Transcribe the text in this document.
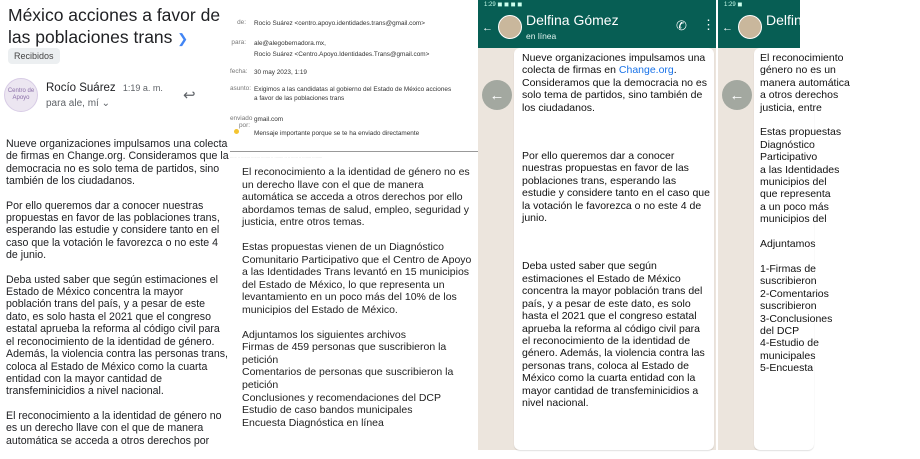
México acciones a favor de las poblaciones trans ❯
Recibidos
Centro de Apoyo
Rocío Suárez 1:19 a. m.
para ale, mí ⌄	↩

Nueve organizaciones impulsamos una colecta de firmas en Change.org. Consideramos que la democracia no es solo tema de partidos, sino también de los ciudadanos.

Por ello queremos dar a conocer nuestras propuestas en favor de las poblaciones trans, esperando las estudie y considere tanto en el caso que la votación le favorezca o no este 4 de junio.

Deba usted saber que según estimaciones el Estado de México concentra la mayor población trans del país, y a pesar de este dato, es solo hasta el 2021 que el congreso estatal aprueba la reforma al código civil para el reconocimiento de la identidad de género. Además, la violencia contra las personas trans, coloca al Estado de México como la cuarta entidad con la mayor cantidad de transfeminicidios a nivel nacional.

El reconocimiento a la identidad de género no es un derecho llave con el que de manera automática se acceda a otros derechos por

de: Rocío Suárez <centro.apoyo.identidades.trans@gmail.com>
para: ale@alegobernadora.mx,
Rocío Suárez <Centro.Apoyo.Identidades.Trans@gmail.com>
fecha: 30 may 2023, 1:19
asunto: Exigimos a las candidatas al gobierno del Estado de México acciones a favor de las poblaciones trans
enviado por:
gmail.com
Mensaje importante porque se te ha enviado directamente
...... .. ........ ........ ........ .. ........ .. .. ...... .. ........ .........

El reconocimiento a la identidad de género no es un derecho llave con el que de manera automática se acceda a otros derechos por ello abordamos temas de salud, empleo, seguridad y justicia, entre otros temas.

Estas propuestas vienen de un Diagnóstico Comunitario Participativo que el Centro de Apoyo a las Identidades Trans levantó en 15 municipios del Estado de México, lo que representa un levantamiento en un poco más del 10% de los municipios del Estado de México.

Adjuntamos los siguientes archivos
Firmas de 459 personas que suscribieron la petición
Comentarios de personas que suscribieron la petición
Conclusiones y recomendaciones del DCP
Estudio de caso bandos municipales
Encuesta Diagnóstica en línea
1:29 ◼ ◼ ◼ ◼
← Delfina Gómez
en línea
✆ ⋮
←

Nueve organizaciones impulsamos una colecta de firmas en Change.org. Consideramos que la democracia no es solo tema de partidos, sino también de los ciudadanos.

Por ello queremos dar a conocer nuestras propuestas en favor de las poblaciones trans, esperando las estudie y considere tanto en el caso que la votación le favorezca o no este 4 de junio.

Deba usted saber que según estimaciones el Estado de México concentra la mayor población trans del país, y a pesar de este dato, es solo hasta el 2021 que el congreso estatal aprueba la reforma al código civil para el reconocimiento de la identidad de género. Además, la violencia contra las personas trans, coloca al Estado de México como la cuarta entidad con la mayor cantidad de transfeminicidios a nivel nacional.

1:29 ◼
← Delfina
←
El reconocimiento
género no es un
manera automática
a otros derechos
justicia, entre

Estas propuestas
Diagnóstico
Participativo
a las Identidades
municipios del
que representa
a un poco más
municipios del

Adjuntamos

1-Firmas de
suscribieron
2-Comentarios
suscribieron
3-Conclusiones
del DCP
4-Estudio de
municipales
5-Encuesta
